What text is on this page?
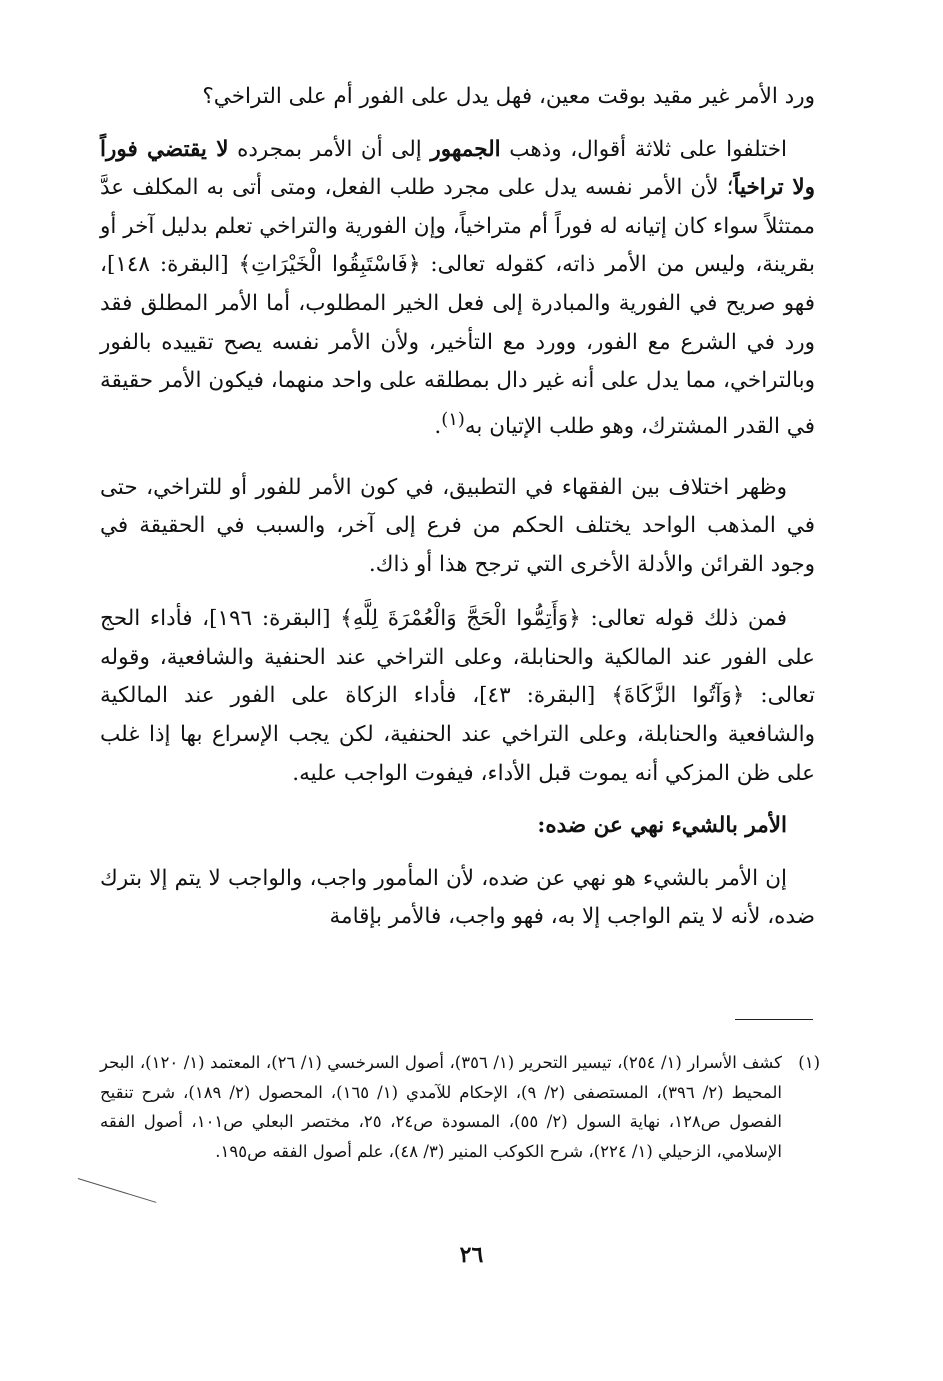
ورد الأمر غير مقيد بوقت معين، فهل يدل على الفور أم على التراخي؟

اختلفوا على ثلاثة أقوال، وذهب الجمهور إلى أن الأمر بمجرده لا يقتضي فوراً ولا تراخياً؛ لأن الأمر نفسه يدل على مجرد طلب الفعل، ومتى أتى به المكلف عدَّ ممتثلاً سواء كان إتيانه له فوراً أم متراخياً، وإن الفورية والتراخي تعلم بدليل آخر أو بقرينة، وليس من الأمر ذاته، كقوله تعالى: ﴿فَاسْتَبِقُوا الْخَيْرَاتِ﴾ [البقرة: ١٤٨]، فهو صريح في الفورية والمبادرة إلى فعل الخير المطلوب، أما الأمر المطلق فقد ورد في الشرع مع الفور، وورد مع التأخير، ولأن الأمر نفسه يصح تقييده بالفور وبالتراخي، مما يدل على أنه غير دال بمطلقه على واحد منهما، فيكون الأمر حقيقة في القدر المشترك، وهو طلب الإتيان به$^{(١)}$.

وظهر اختلاف بين الفقهاء في التطبيق، في كون الأمر للفور أو للتراخي، حتى في المذهب الواحد يختلف الحكم من فرع إلى آخر، والسبب في الحقيقة في وجود القرائن والأدلة الأخرى التي ترجح هذا أو ذاك.

فمن ذلك قوله تعالى: ﴿وَأَتِمُّوا الْحَجَّ وَالْعُمْرَةَ لِلَّهِ﴾ [البقرة: ١٩٦]، فأداء الحج على الفور عند المالكية والحنابلة، وعلى التراخي عند الحنفية والشافعية، وقوله تعالى: ﴿وَآتُوا الزَّكَاةَ﴾ [البقرة: ٤٣]، فأداء الزكاة على الفور عند المالكية والشافعية والحنابلة، وعلى التراخي عند الحنفية، لكن يجب الإسراع بها إذا غلب على ظن المزكي أنه يموت قبل الأداء، فيفوت الواجب عليه.

الأمر بالشيء نهي عن ضده:

إن الأمر بالشيء هو نهي عن ضده، لأن المأمور واجب، والواجب لا يتم إلا بترك ضده، لأنه لا يتم الواجب إلا به، فهو واجب، فالأمر بإقامة

(١)
كشف الأسرار (١/ ٢٥٤)، تيسير التحرير (١/ ٣٥٦)، أصول السرخسي (١/ ٢٦)، المعتمد (١/ ١٢٠)، البحر المحيط (٢/ ٣٩٦)، المستصفى (٢/ ٩)، الإحكام للآمدي (١/ ١٦٥)، المحصول (٢/ ١٨٩)، شرح تنقيح الفصول ص١٢٨، نهاية السول (٢/ ٥٥)، المسودة ص٢٤، ٢٥، مختصر البعلي ص١٠١، أصول الفقه الإسلامي، الزحيلي (١/ ٢٢٤)، شرح الكوكب المنير (٣/ ٤٨)، علم أصول الفقه ص١٩٥.
٢٦
